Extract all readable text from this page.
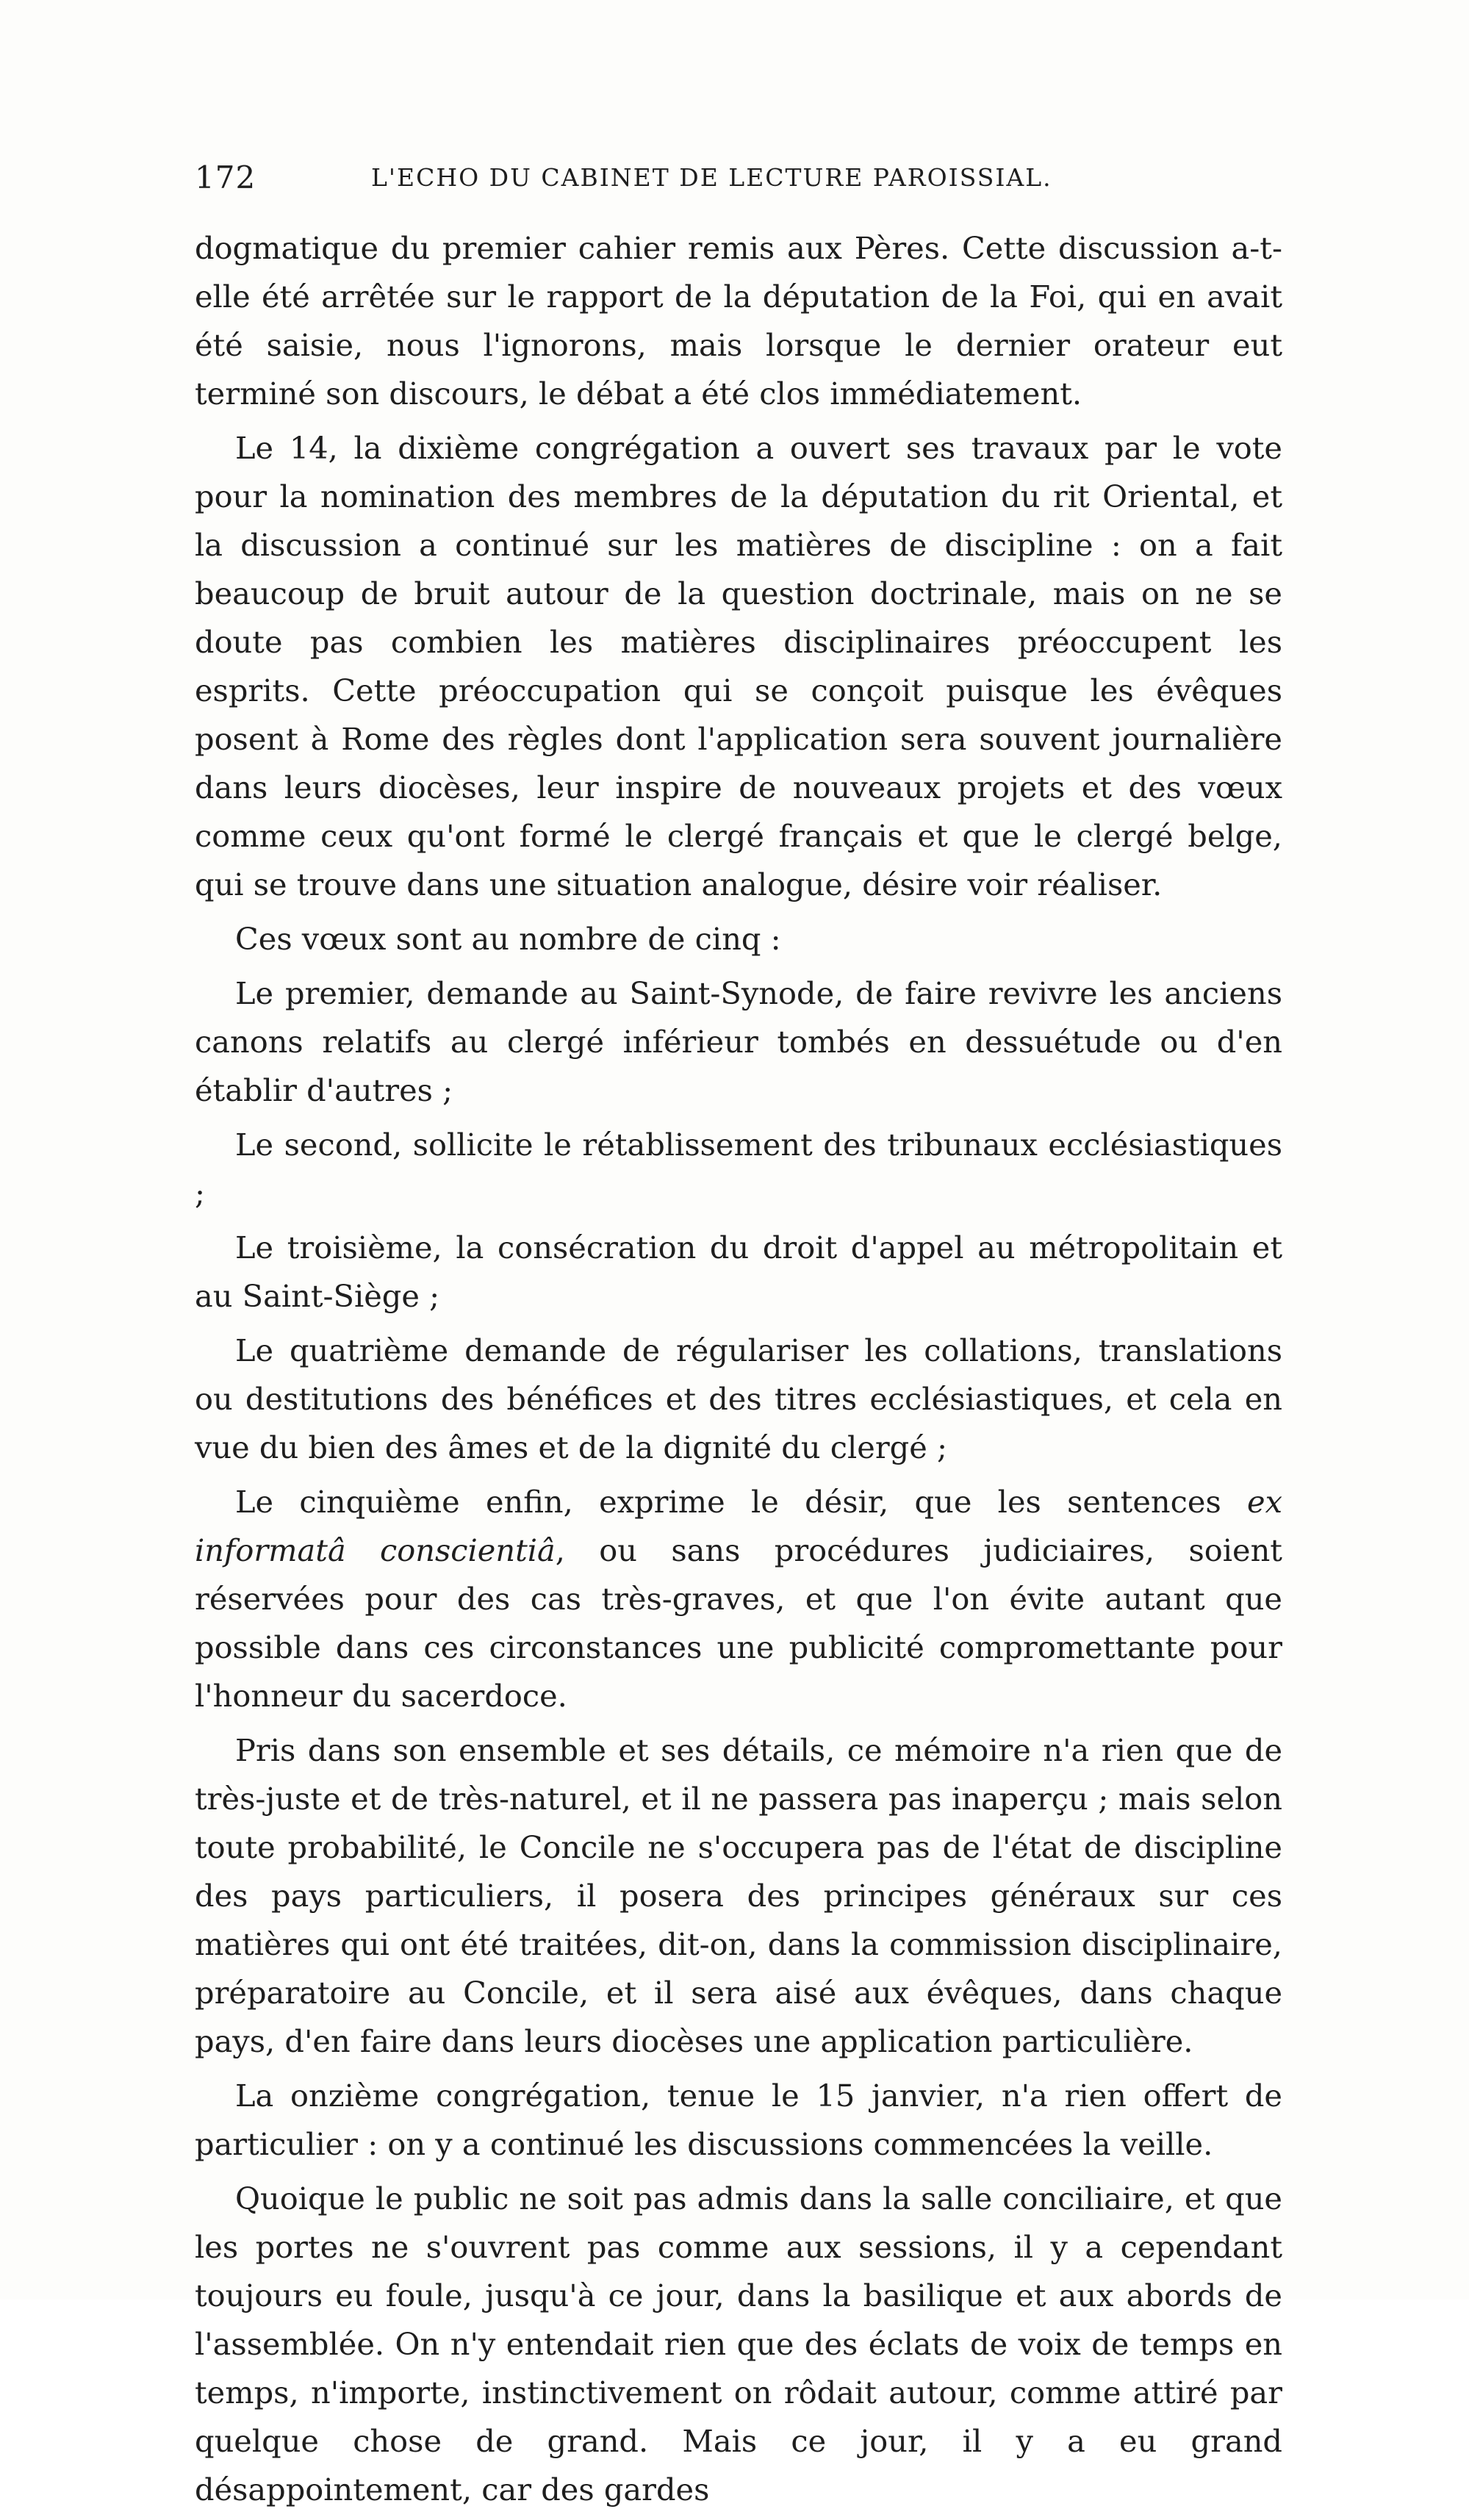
172	L'ECHO DU CABINET DE LECTURE PAROISSIAL.

dogmatique du premier cahier remis aux Pères. Cette discussion a-t-elle été arrêtée sur le rapport de la députation de la Foi, qui en avait été saisie, nous l'ignorons, mais lorsque le dernier orateur eut terminé son discours, le débat a été clos immédiatement.

Le 14, la dixième congrégation a ouvert ses travaux par le vote pour la nomination des membres de la députation du rit Oriental, et la discussion a continué sur les matières de discipline : on a fait beaucoup de bruit autour de la question doctrinale, mais on ne se doute pas combien les matières disciplinaires préoccupent les esprits. Cette préoccupation qui se conçoit puisque les évêques posent à Rome des règles dont l'application sera souvent journalière dans leurs diocèses, leur inspire de nouveaux projets et des vœux comme ceux qu'ont formé le clergé français et que le clergé belge, qui se trouve dans une situation analogue, désire voir réaliser.

Ces vœux sont au nombre de cinq :

Le premier, demande au Saint-Synode, de faire revivre les anciens canons relatifs au clergé inférieur tombés en dessuétude ou d'en établir d'autres ;

Le second, sollicite le rétablissement des tribunaux ecclésiastiques ;

Le troisième, la consécration du droit d'appel au métropolitain et au Saint-Siège ;

Le quatrième demande de régulariser les collations, translations ou destitutions des bénéfices et des titres ecclésiastiques, et cela en vue du bien des âmes et de la dignité du clergé ;

Le cinquième enfin, exprime le désir, que les sentences ex informatâ conscientiâ, ou sans procédures judiciaires, soient réservées pour des cas très-graves, et que l'on évite autant que possible dans ces circonstances une publicité compromettante pour l'honneur du sacerdoce.

Pris dans son ensemble et ses détails, ce mémoire n'a rien que de très-juste et de très-naturel, et il ne passera pas inaperçu ; mais selon toute probabilité, le Concile ne s'occupera pas de l'état de discipline des pays particuliers, il posera des principes généraux sur ces matières qui ont été traitées, dit-on, dans la commission disciplinaire, préparatoire au Concile, et il sera aisé aux évêques, dans chaque pays, d'en faire dans leurs diocèses une application particulière.

La onzième congrégation, tenue le 15 janvier, n'a rien offert de particulier : on y a continué les discussions commencées la veille.

Quoique le public ne soit pas admis dans la salle conciliaire, et que les portes ne s'ouvrent pas comme aux sessions, il y a cependant toujours eu foule, jusqu'à ce jour, dans la basilique et aux abords de l'assemblée. On n'y entendait rien que des éclats de voix de temps en temps, n'importe, instinctivement on rôdait autour, comme attiré par quelque chose de grand. Mais ce jour, il y a eu grand désappointement, car des gardes
